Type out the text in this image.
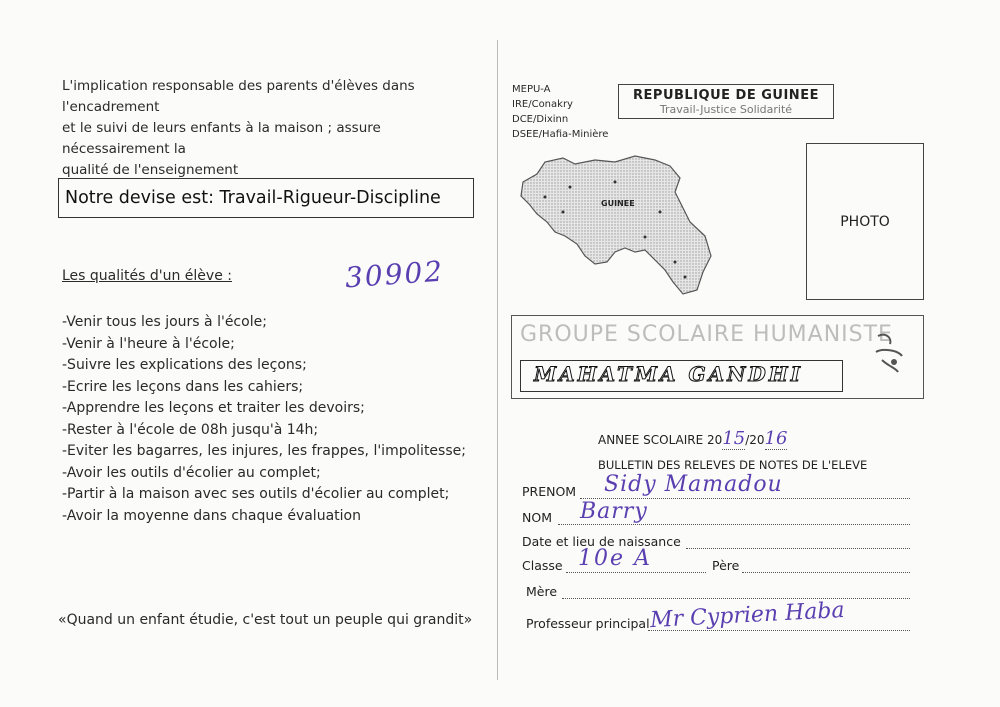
L'implication responsable des parents d'élèves dans l'encadrement
et le suivi de leurs enfants à la maison ; assure nécessairement la
qualité de l'enseignement
Notre devise est: Travail-Rigueur-Discipline
Les qualités d'un élève :	30902
-Venir tous les jours à l'école;
-Venir à l'heure à l'école;
-Suivre les explications des leçons;
-Ecrire les leçons dans les cahiers;
-Apprendre les leçons et traiter les devoirs;
-Rester à l'école de 08h jusqu'à 14h;
-Eviter les bagarres, les injures, les frappes, l'impolitesse;
-Avoir les outils d'écolier au complet;
-Partir à la maison avec ses outils d'écolier au complet;
-Avoir la moyenne dans chaque évaluation
«Quand un enfant étudie, c'est tout un peuple qui grandit»
MEPU-A
IRE/Conakry
DCE/Dixinn
DSEE/Hafia-Minière
REPUBLIQUE DE GUINEE
Travail-Justice Solidarité
GUINEE
PHOTO
GROUPE SCOLAIRE HUMANISTE
MAHATMA GANDHI
ANNEE SCOLAIRE 2015/2016
BULLETIN DES RELEVES DE NOTES DE L'ELEVE
PRENOM Sidy Mamadou
NOM Barry
Date et lieu de naissance
Classe 10e A	Père
Mère
Professeur principal Mr Cyprien Haba
